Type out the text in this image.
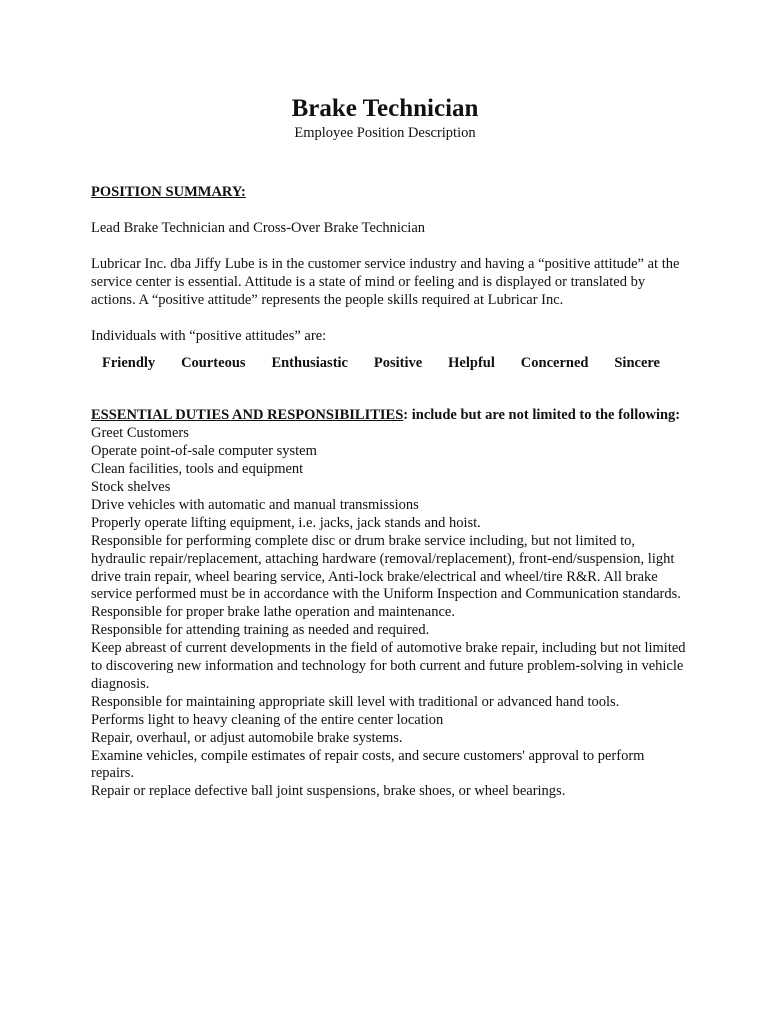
Brake Technician

Employee Position Description

POSITION SUMMARY:

Lead Brake Technician and Cross-Over Brake Technician

Lubricar Inc. dba Jiffy Lube is in the customer service industry and having a “positive attitude” at the service center is essential. Attitude is a state of mind or feeling and is displayed or translated by actions. A “positive attitude” represents the people skills required at Lubricar Inc.

Individuals with “positive attitudes” are:

Friendly Courteous Enthusiastic Positive Helpful Concerned Sincere

ESSENTIAL DUTIES AND RESPONSIBILITIES: include but are not limited to the following:

Greet Customers
Operate point-of-sale computer system
Clean facilities, tools and equipment
Stock shelves
Drive vehicles with automatic and manual transmissions
Properly operate lifting equipment, i.e. jacks, jack stands and hoist.
Responsible for performing complete disc or drum brake service including, but not limited to, hydraulic repair/replacement, attaching hardware (removal/replacement), front-end/suspension, light drive train repair, wheel bearing service, Anti-lock brake/electrical and wheel/tire R&R. All brake service performed must be in accordance with the Uniform Inspection and Communication standards.
Responsible for proper brake lathe operation and maintenance.
Responsible for attending training as needed and required.
Keep abreast of current developments in the field of automotive brake repair, including but not limited to discovering new information and technology for both current and future problem-solving in vehicle diagnosis.
Responsible for maintaining appropriate skill level with traditional or advanced hand tools.
Performs light to heavy cleaning of the entire center location
Repair, overhaul, or adjust automobile brake systems.
Examine vehicles, compile estimates of repair costs, and secure customers' approval to perform repairs.
Repair or replace defective ball joint suspensions, brake shoes, or wheel bearings.
